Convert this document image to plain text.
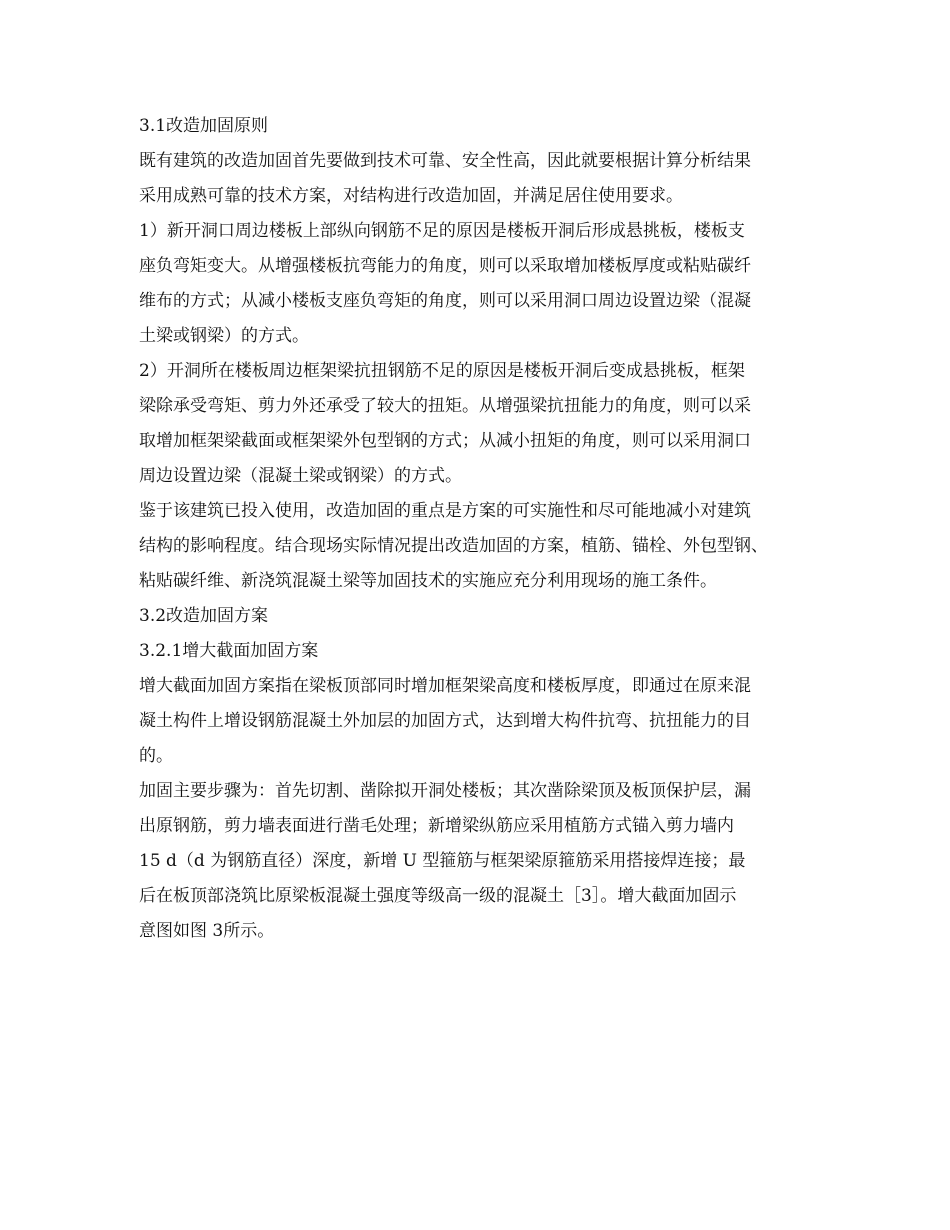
3.1改造加固原则
既有建筑的改造加固首先要做到技术可靠、安全性高，因此就要根据计算分析结果
采用成熟可靠的技术方案，对结构进行改造加固，并满足居住使用要求。
1）新开洞口周边楼板上部纵向钢筋不足的原因是楼板开洞后形成悬挑板，楼板支
座负弯矩变大。从增强楼板抗弯能力的角度，则可以采取增加楼板厚度或粘贴碳纤
维布的方式；从减小楼板支座负弯矩的角度，则可以采用洞口周边设置边梁（混凝
土梁或钢梁）的方式。
2）开洞所在楼板周边框架梁抗扭钢筋不足的原因是楼板开洞后变成悬挑板，框架
梁除承受弯矩、剪力外还承受了较大的扭矩。从增强梁抗扭能力的角度，则可以采
取增加框架梁截面或框架梁外包型钢的方式；从减小扭矩的角度，则可以采用洞口
周边设置边梁（混凝土梁或钢梁）的方式。
鉴于该建筑已投入使用，改造加固的重点是方案的可实施性和尽可能地减小对建筑
结构的影响程度。结合现场实际情况提出改造加固的方案，植筋、锚栓、外包型钢、
粘贴碳纤维、新浇筑混凝土梁等加固技术的实施应充分利用现场的施工条件。
3.2改造加固方案
3.2.1增大截面加固方案
增大截面加固方案指在梁板顶部同时增加框架梁高度和楼板厚度，即通过在原来混
凝土构件上增设钢筋混凝土外加层的加固方式，达到增大构件抗弯、抗扭能力的目
的。
加固主要步骤为：首先切割、凿除拟开洞处楼板；其次凿除梁顶及板顶保护层，漏
出原钢筋，剪力墙表面进行凿毛处理；新增梁纵筋应采用植筋方式锚入剪力墙内
15 d（d 为钢筋直径）深度，新增 U 型箍筋与框架梁原箍筋采用搭接焊连接；最
后在板顶部浇筑比原梁板混凝土强度等级高一级的混凝土［3］。增大截面加固示
意图如图 3所示。
